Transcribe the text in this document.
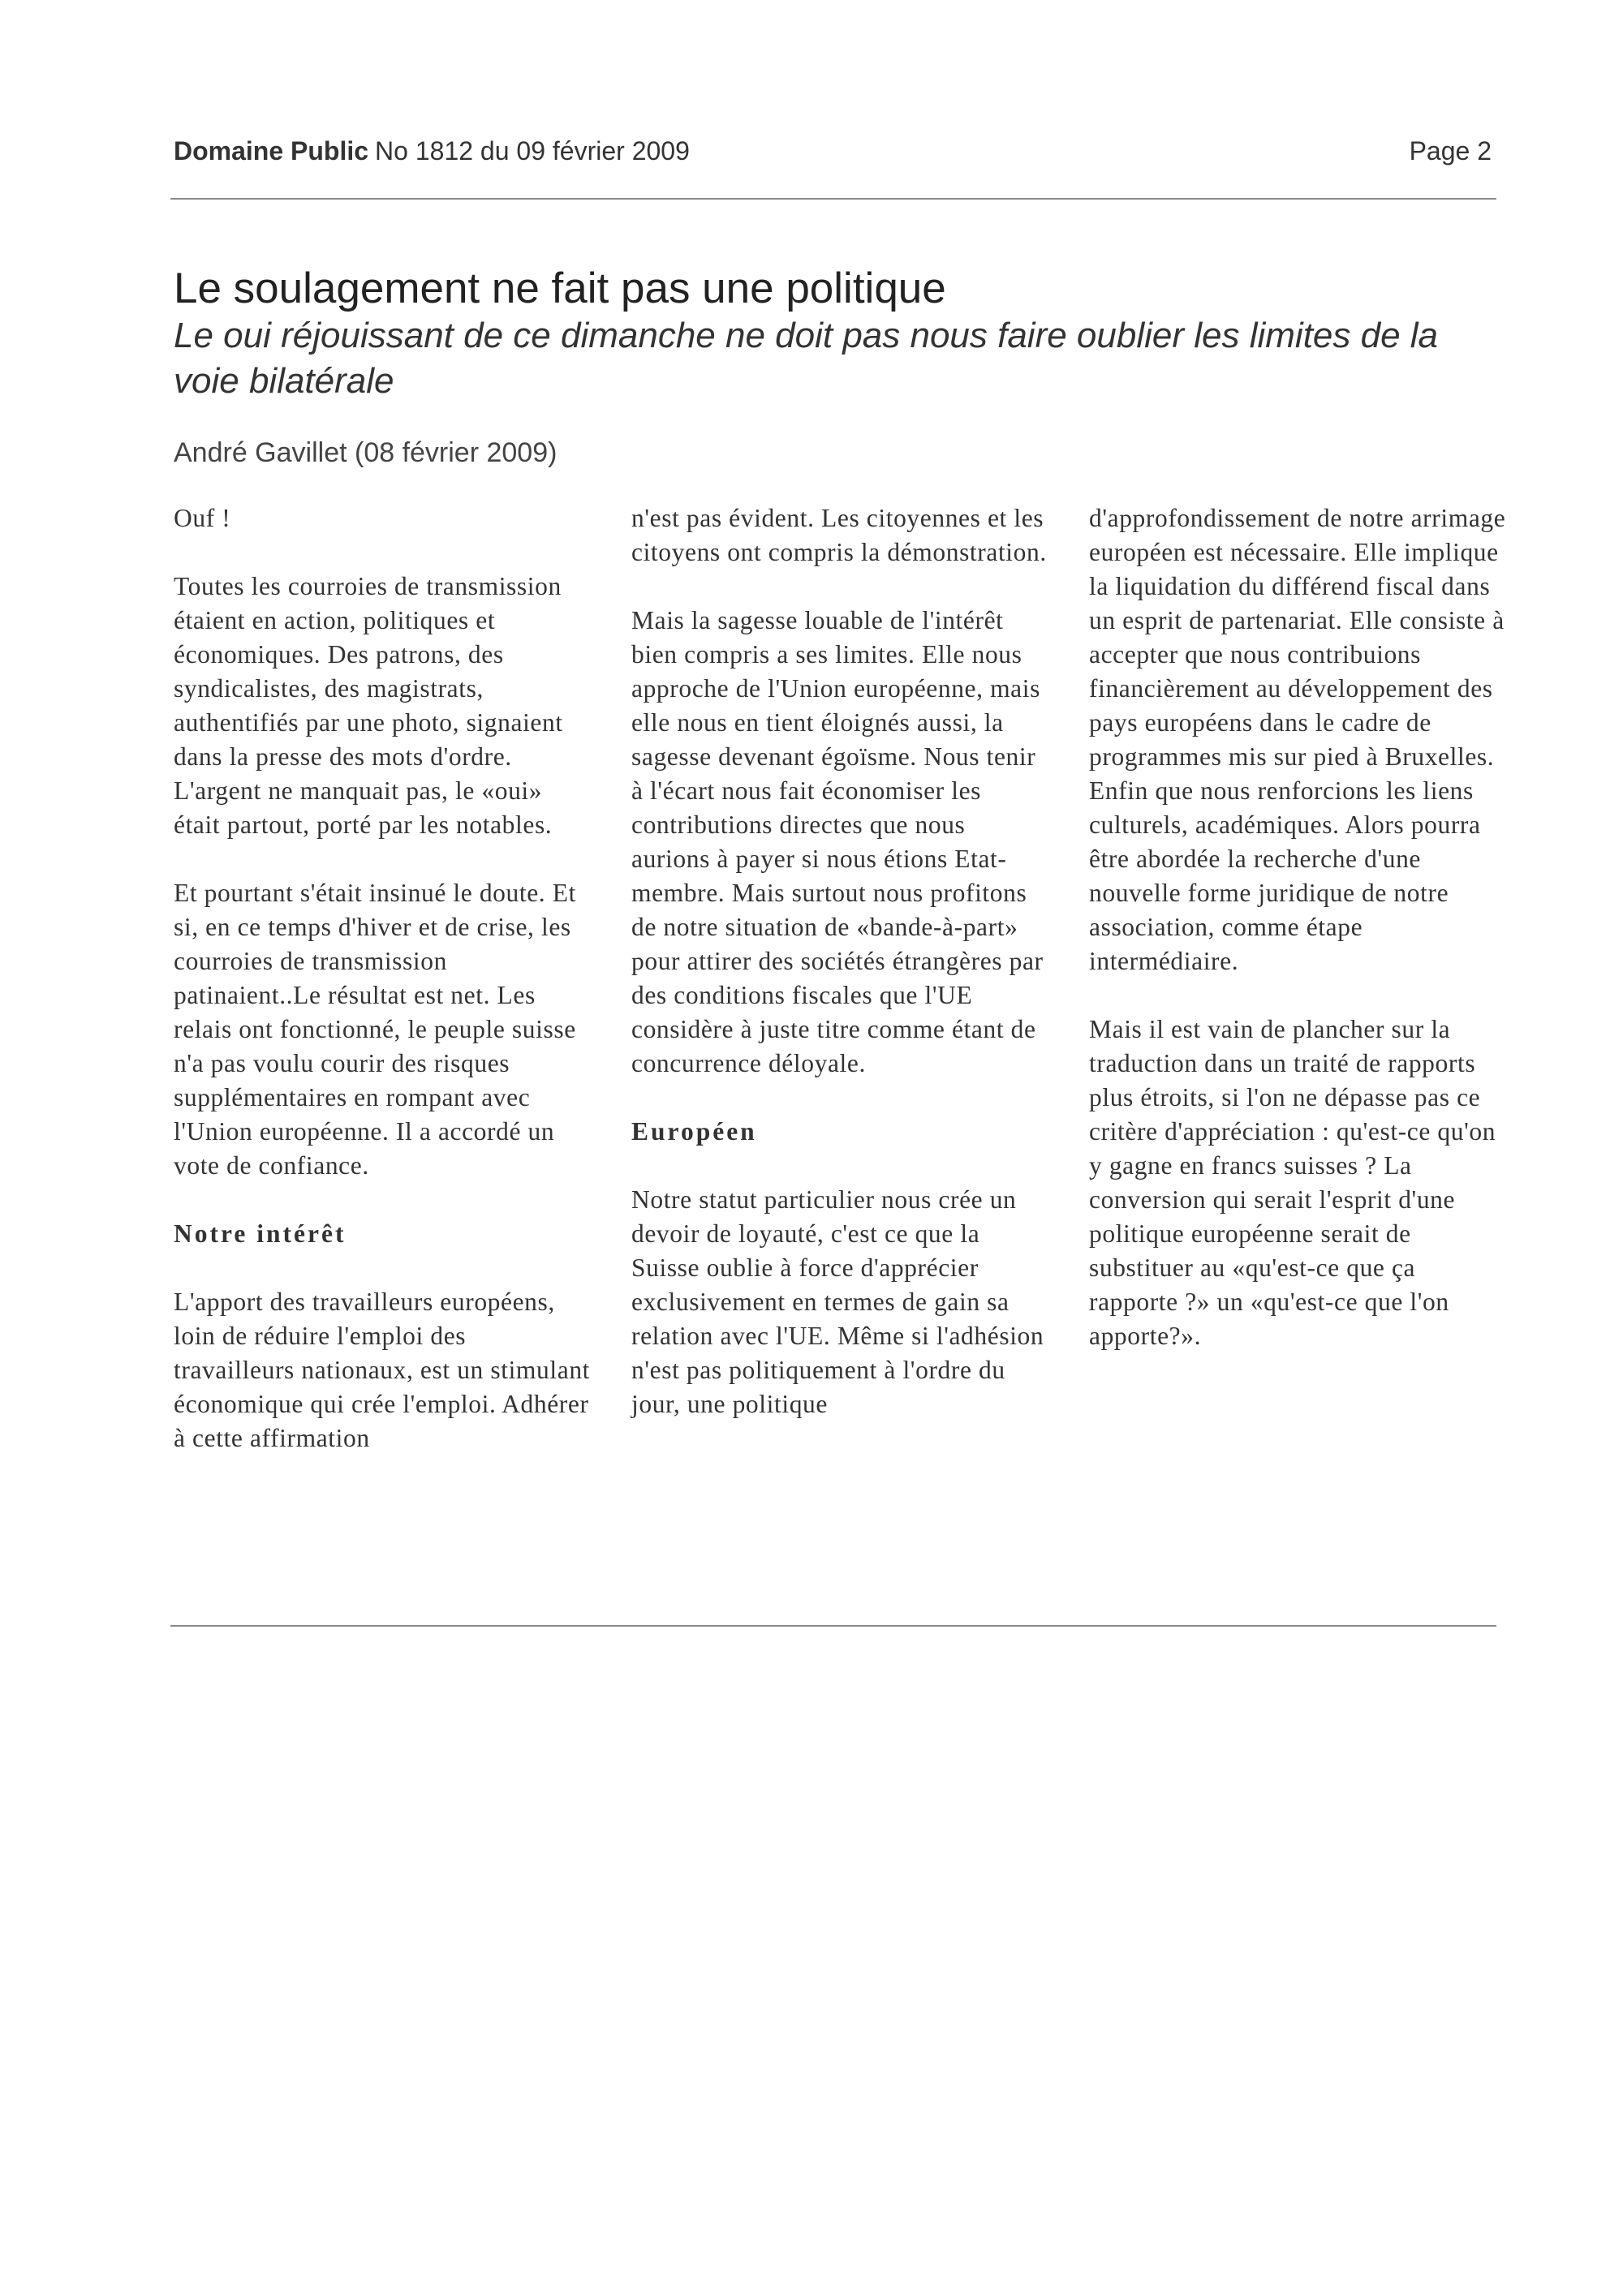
Domaine Public No 1812 du 09 février 2009	Page 2
Le soulagement ne fait pas une politique

Le oui réjouissant de ce dimanche ne doit pas nous faire oublier les limites de la voie bilatérale

André Gavillet (08 février 2009)

Ouf !

Toutes les courroies de transmission étaient en action, politiques et économiques. Des patrons, des syndicalistes, des magistrats, authentifiés par une photo, signaient dans la presse des mots d'ordre. L'argent ne manquait pas, le «oui» était partout, porté par les notables.

Et pourtant s'était insinué le doute. Et si, en ce temps d'hiver et de crise, les courroies de transmission patinaient..Le résultat est net. Les relais ont fonctionné, le peuple suisse n'a pas voulu courir des risques supplémentaires en rompant avec l'Union européenne. Il a accordé un vote de confiance.

Notre intérêt

L'apport des travailleurs européens, loin de réduire l'emploi des travailleurs nationaux, est un stimulant économique qui crée l'emploi. Adhérer à cette affirmation

n'est pas évident. Les citoyennes et les citoyens ont compris la démonstration.

Mais la sagesse louable de l'intérêt bien compris a ses limites. Elle nous approche de l'Union européenne, mais elle nous en tient éloignés aussi, la sagesse devenant égoïsme. Nous tenir à l'écart nous fait économiser les contributions directes que nous aurions à payer si nous étions Etat-membre. Mais surtout nous profitons de notre situation de «bande-à-part» pour attirer des sociétés étrangères par des conditions fiscales que l'UE considère à juste titre comme étant de concurrence déloyale.

Européen

Notre statut particulier nous crée un devoir de loyauté, c'est ce que la Suisse oublie à force d'apprécier exclusivement en termes de gain sa relation avec l'UE. Même si l'adhésion n'est pas politiquement à l'ordre du jour, une politique

d'approfondissement de notre arrimage européen est nécessaire. Elle implique la liquidation du différend fiscal dans un esprit de partenariat. Elle consiste à accepter que nous contribuions financièrement au développement des pays européens dans le cadre de programmes mis sur pied à Bruxelles. Enfin que nous renforcions les liens culturels, académiques. Alors pourra être abordée la recherche d'une nouvelle forme juridique de notre association, comme étape intermédiaire.

Mais il est vain de plancher sur la traduction dans un traité de rapports plus étroits, si l'on ne dépasse pas ce critère d'appréciation : qu'est-ce qu'on y gagne en francs suisses ? La conversion qui serait l'esprit d'une politique européenne serait de substituer au «qu'est-ce que ça rapporte ?» un «qu'est-ce que l'on apporte?».
